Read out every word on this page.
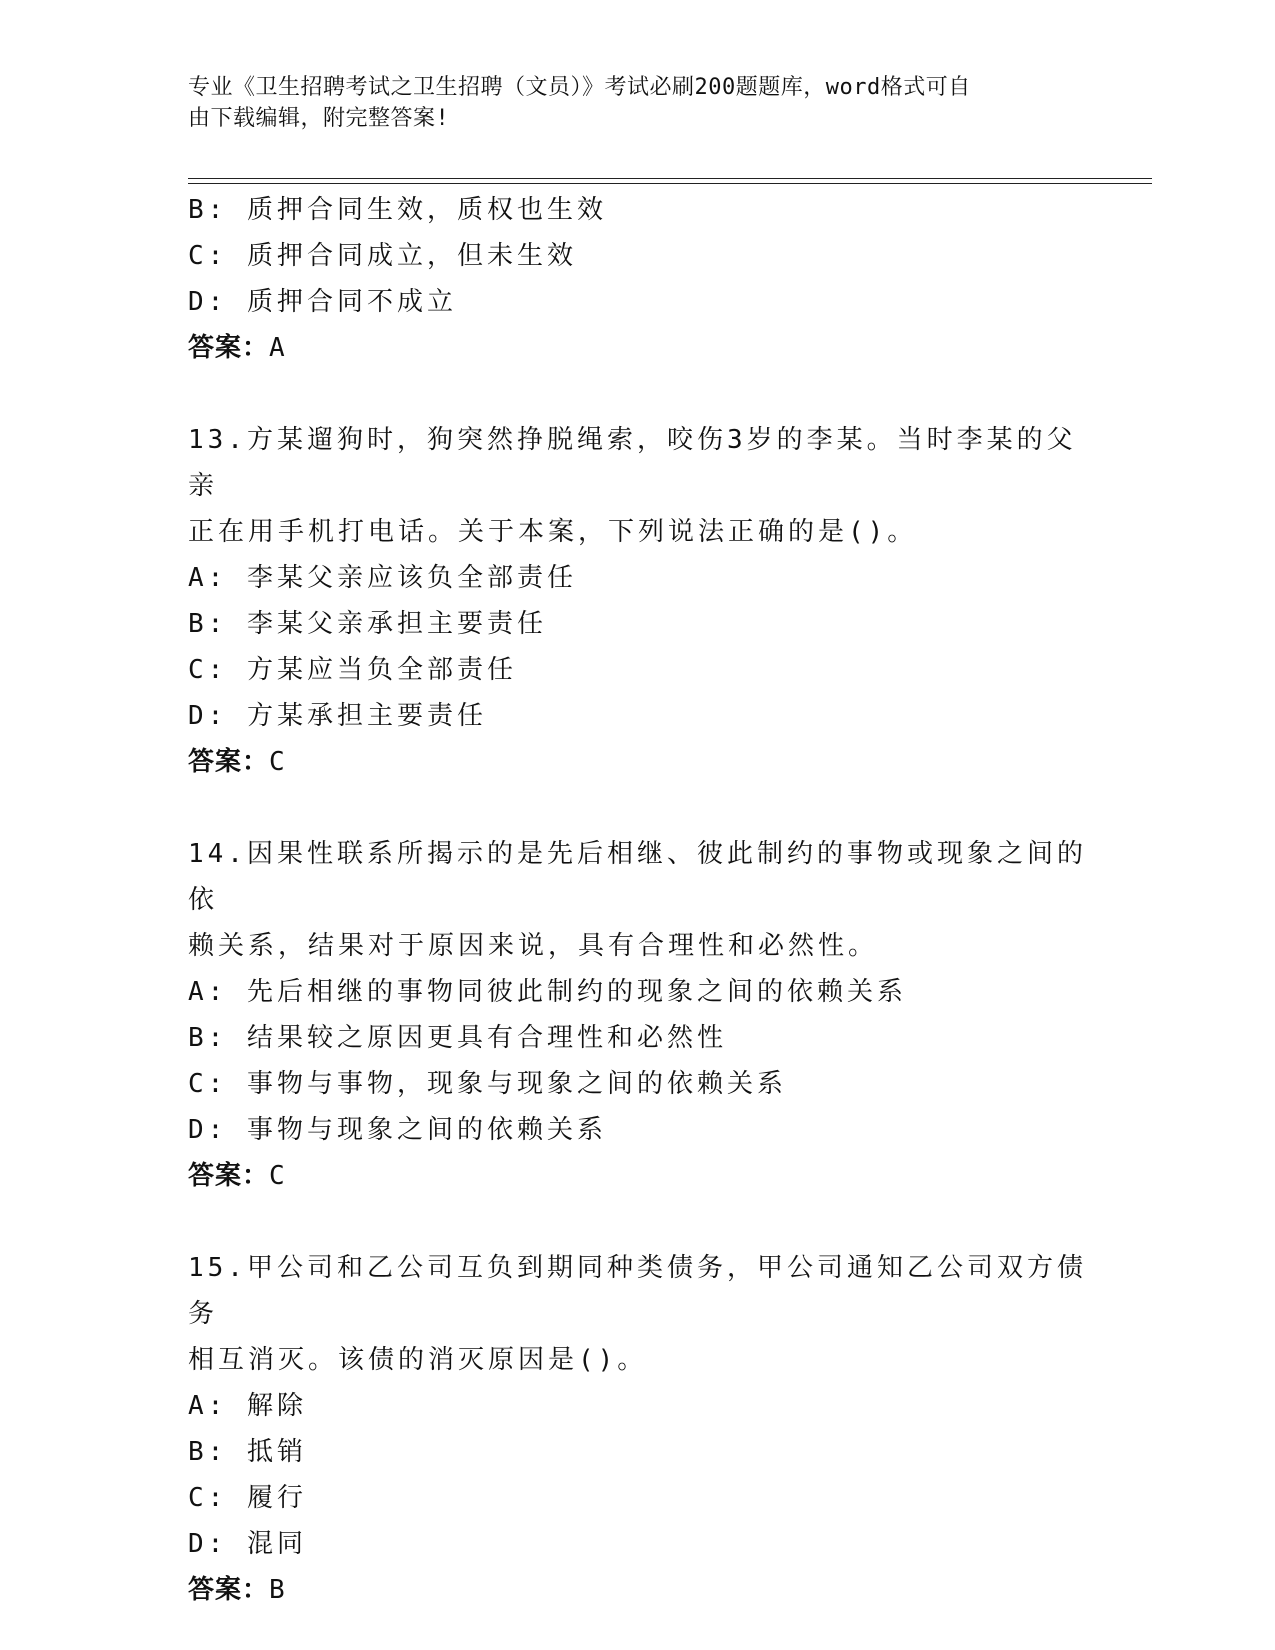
专业《卫生招聘考试之卫生招聘（文员）》考试必刷200题题库，word格式可自
由下载编辑，附完整答案!
B: 质押合同生效，质权也生效
C: 质押合同成立，但未生效
D: 质押合同不成立
答案：A
13.方某遛狗时，狗突然挣脱绳索，咬伤3岁的李某。当时李某的父亲
正在用手机打电话。关于本案，下列说法正确的是()。
A: 李某父亲应该负全部责任
B: 李某父亲承担主要责任
C: 方某应当负全部责任
D: 方某承担主要责任
答案：C
14.因果性联系所揭示的是先后相继、彼此制约的事物或现象之间的依
赖关系，结果对于原因来说，具有合理性和必然性。
A: 先后相继的事物同彼此制约的现象之间的依赖关系
B: 结果较之原因更具有合理性和必然性
C: 事物与事物，现象与现象之间的依赖关系
D: 事物与现象之间的依赖关系
答案：C
15.甲公司和乙公司互负到期同种类债务，甲公司通知乙公司双方债务
相互消灭。该债的消灭原因是()。
A: 解除
B: 抵销
C: 履行
D: 混同
答案：B
